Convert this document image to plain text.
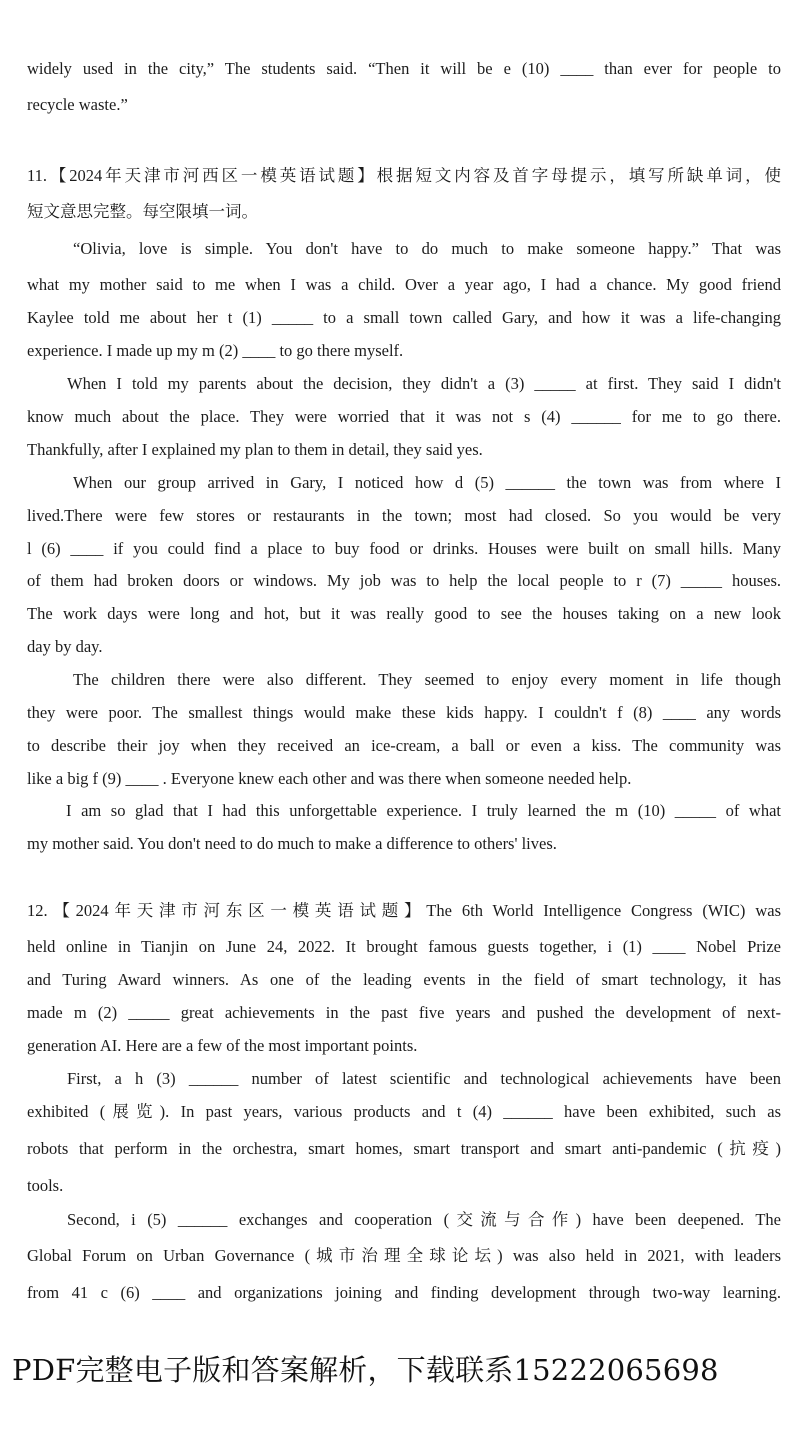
widely used in the city,” The students said. “Then it will be e (10) ____ than ever for people to
recycle waste.”
11.【2024年天津市河西区一模英语试题】根据短文内容及首字母提示，填写所缺单词，使
短文意思完整。每空限填一词。
“Olivia, love is simple. You don't have to do much to make someone happy.” That was
what my mother said to me when I was a child. Over a year ago, I had a chance. My good friend
Kaylee told me about her t (1) _____ to a small town called Gary, and how it was a life-changing
experience. I made up my m (2) ____ to go there myself.
When I told my parents about the decision, they didn't a (3) _____ at first. They said I didn't
know much about the place. They were worried that it was not s (4) ______ for me to go there.
Thankfully, after I explained my plan to them in detail, they said yes.
When our group arrived in Gary, I noticed how d (5) ______ the town was from where I
lived.There were few stores or restaurants in the town; most had closed. So you would be very
l (6) ____ if you could find a place to buy food or drinks. Houses were built on small hills. Many
of them had broken doors or windows. My job was to help the local people to r (7) _____ houses.
The work days were long and hot, but it was really good to see the houses taking on a new look
day by day.
The children there were also different. They seemed to enjoy every moment in life though
they were poor. The smallest things would make these kids happy. I couldn't f (8) ____ any words
to describe their joy when they received an ice-cream, a ball or even a kiss. The community was
like a big f (9) ____ . Everyone knew each other and was there when someone needed help.
I am so glad that I had this unforgettable experience. I truly learned the m (10) _____ of what
my mother said. You don't need to do much to make a difference to others' lives.
12.【2024年天津市河东区一模英语试题】The 6th World Intelligence Congress (WIC) was
held online in Tianjin on June 24, 2022. It brought famous guests together, i (1) ____ Nobel Prize
and Turing Award winners. As one of the leading events in the field of smart technology, it has
made m (2) _____ great achievements in the past five years and pushed the development of next-
generation AI. Here are a few of the most important points.
First, a h (3) ______ number of latest scientific and technological achievements have been
exhibited (展览). In past years, various products and t (4) ______ have been exhibited, such as
robots that perform in the orchestra, smart homes, smart transport and smart anti-pandemic (抗疫)
tools.
Second, i (5) ______ exchanges and cooperation (交流与合作) have been deepened. The
Global Forum on Urban Governance (城市治理全球论坛) was also held in 2021, with leaders
from 41 c (6) ____ and organizations joining and finding development through two-way learning.
PDF完整电子版和答案解析，下载联系15222065698
